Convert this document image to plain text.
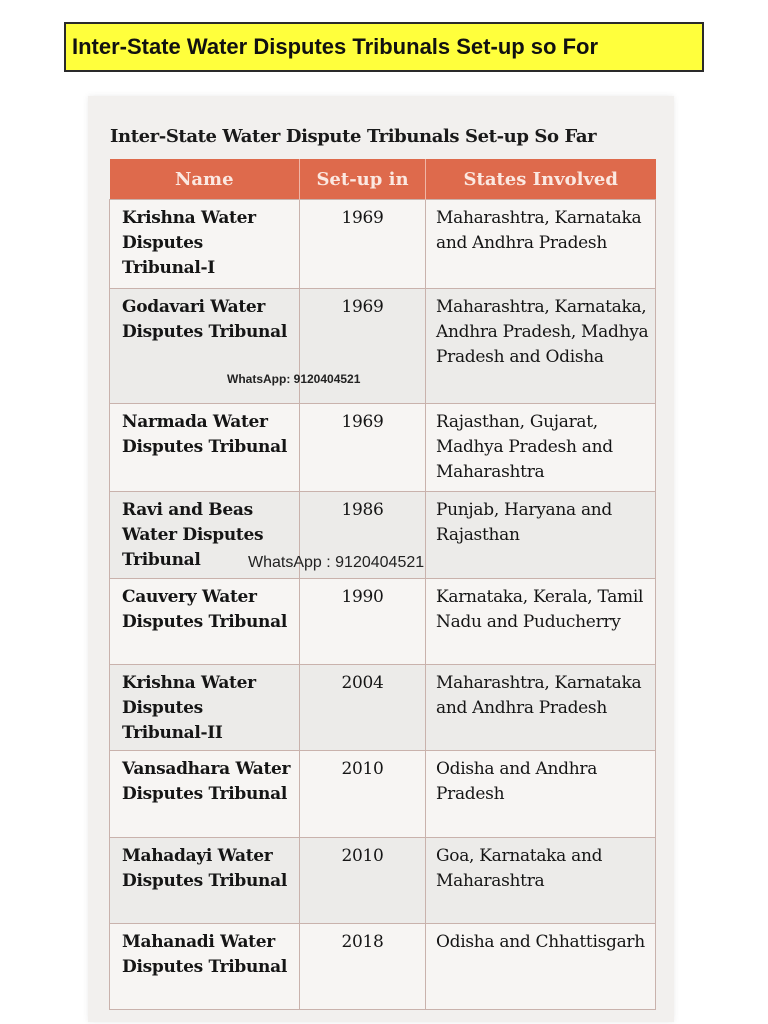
Inter-State Water Disputes Tribunals Set-up so For
Inter-State Water Dispute Tribunals Set-up So Far
Name	Set-up in	States Involved
Krishna Water Disputes Tribunal-I	1969	Maharashtra, Karnataka and Andhra Pradesh
Godavari Water Disputes Tribunal	1969	Maharashtra, Karnataka, Andhra Pradesh, Madhya Pradesh and Odisha
Narmada Water Disputes Tribunal	1969	Rajasthan, Gujarat, Madhya Pradesh and Maharashtra
Ravi and Beas Water Disputes Tribunal	1986	Punjab, Haryana and Rajasthan
Cauvery Water Disputes Tribunal	1990	Karnataka, Kerala, Tamil Nadu and Puducherry
Krishna Water Disputes Tribunal-II	2004	Maharashtra, Karnataka and Andhra Pradesh
Vansadhara Water Disputes Tribunal	2010	Odisha and Andhra Pradesh
Mahadayi Water Disputes Tribunal	2010	Goa, Karnataka and Maharashtra
Mahanadi Water Disputes Tribunal	2018	Odisha and Chhattisgarh
WhatsApp: 9120404521
WhatsApp : 9120404521
